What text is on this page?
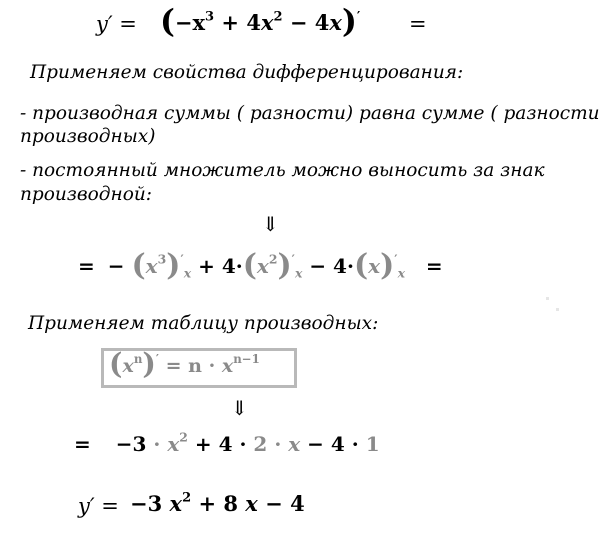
$y' = (-x^3 + 4x^2 - 4x)'$ =
Применяем свойства дифференцирования:
- производная суммы ( разности) равна сумме ( разности
производных)
- постоянный множитель можно выносить за знак
производной:
⇓
= − $(x^3)'_x + 4\cdot(x^2)'_x - 4\cdot(x)'_x$ =
Применяем таблицу производных:
$(x^n)' = n \cdot x^{n-1}$
⇓
= $-3 \cdot x^2 + 4 \cdot 2 \cdot x - 4 \cdot 1$
y′ = −3 $x^2 + 8$ x − 4
